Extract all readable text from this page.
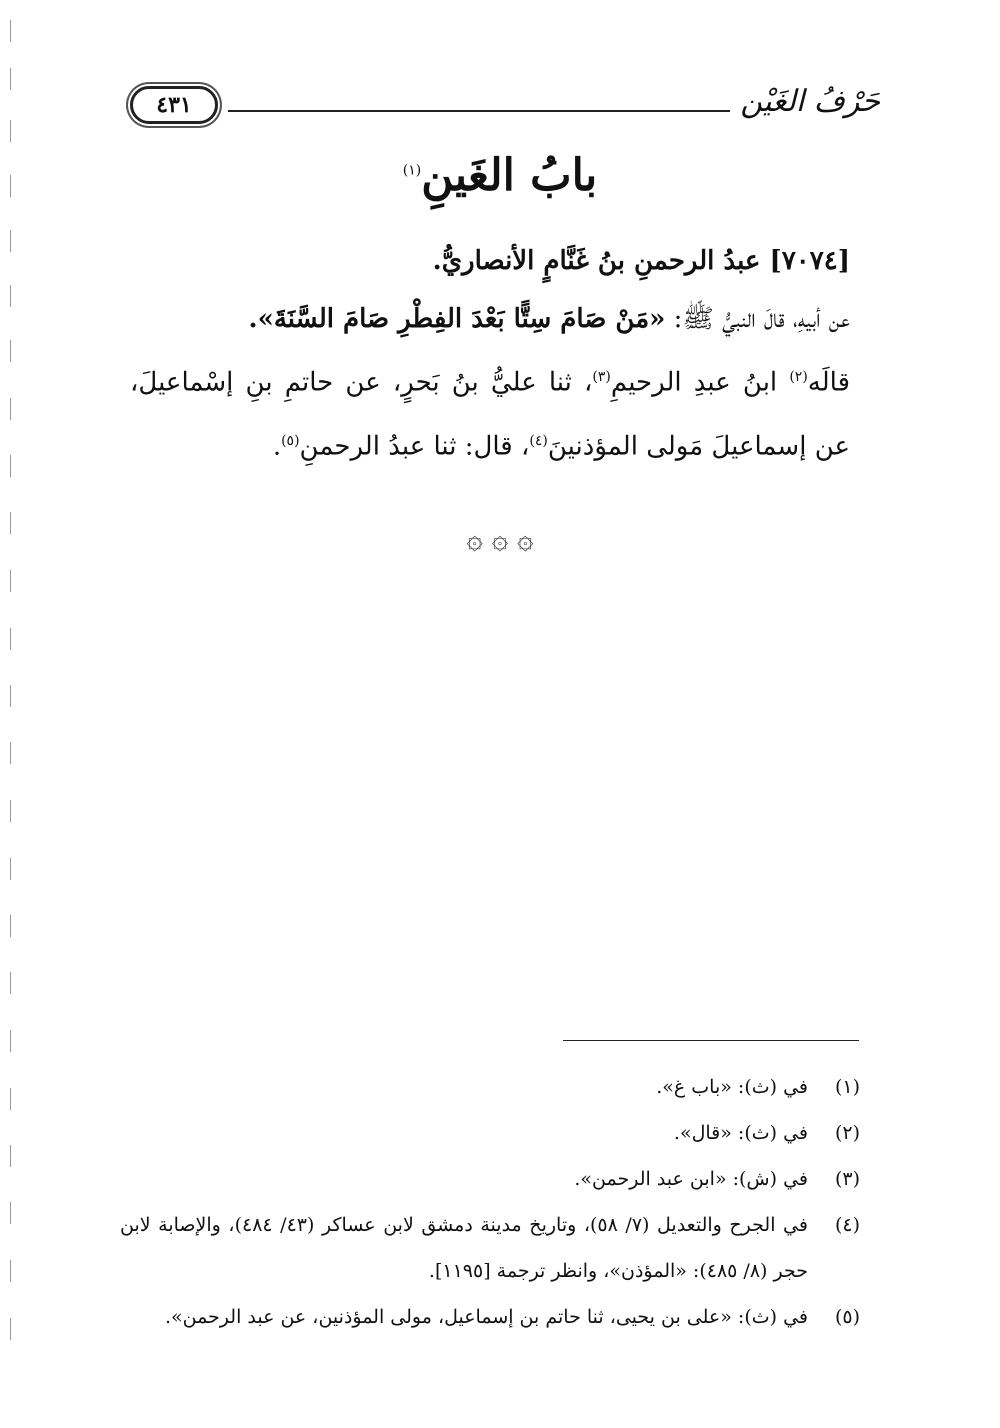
٤٣١	حَرْفُ الغَيْن
بابُ الغَينِ$^{(١)}$

[٧٠٧٤] عبدُ الرحمنِ بنُ غَنَّامٍ الأنصاريُّ.

عن أبيهِ، قالَ النبيُّ ﷺ: «مَنْ صَامَ سِتًّا بَعْدَ الفِطْرِ صَامَ السَّنَةَ».

قالَه$^{(٢)}$ ابنُ عبدِ الرحيمِ$^{(٣)}$، ثنا عليُّ بنُ بَحرٍ، عن حاتمِ بنِ إسْماعيلَ، عن إسماعيلَ مَولى المؤذنينَ$^{(٤)}$، قال: ثنا عبدُ الرحمنِ$^{(٥)}$.

۞ ۞ ۞
(١)
في (ث): «باب غ».
(٢)
في (ث): «قال».
(٣)
في (ش): «ابن عبد الرحمن».
(٤)
في الجرح والتعديل (٧/ ٥٨)، وتاريخ مدينة دمشق لابن عساكر (٤٣/ ٤٨٤)، والإصابة لابن حجر (٨/ ٤٨٥): «المؤذن»، وانظر ترجمة [١١٩٥].
(٥)
في (ث): «على بن يحيى، ثنا حاتم بن إسماعيل، مولى المؤذنين، عن عبد الرحمن».
